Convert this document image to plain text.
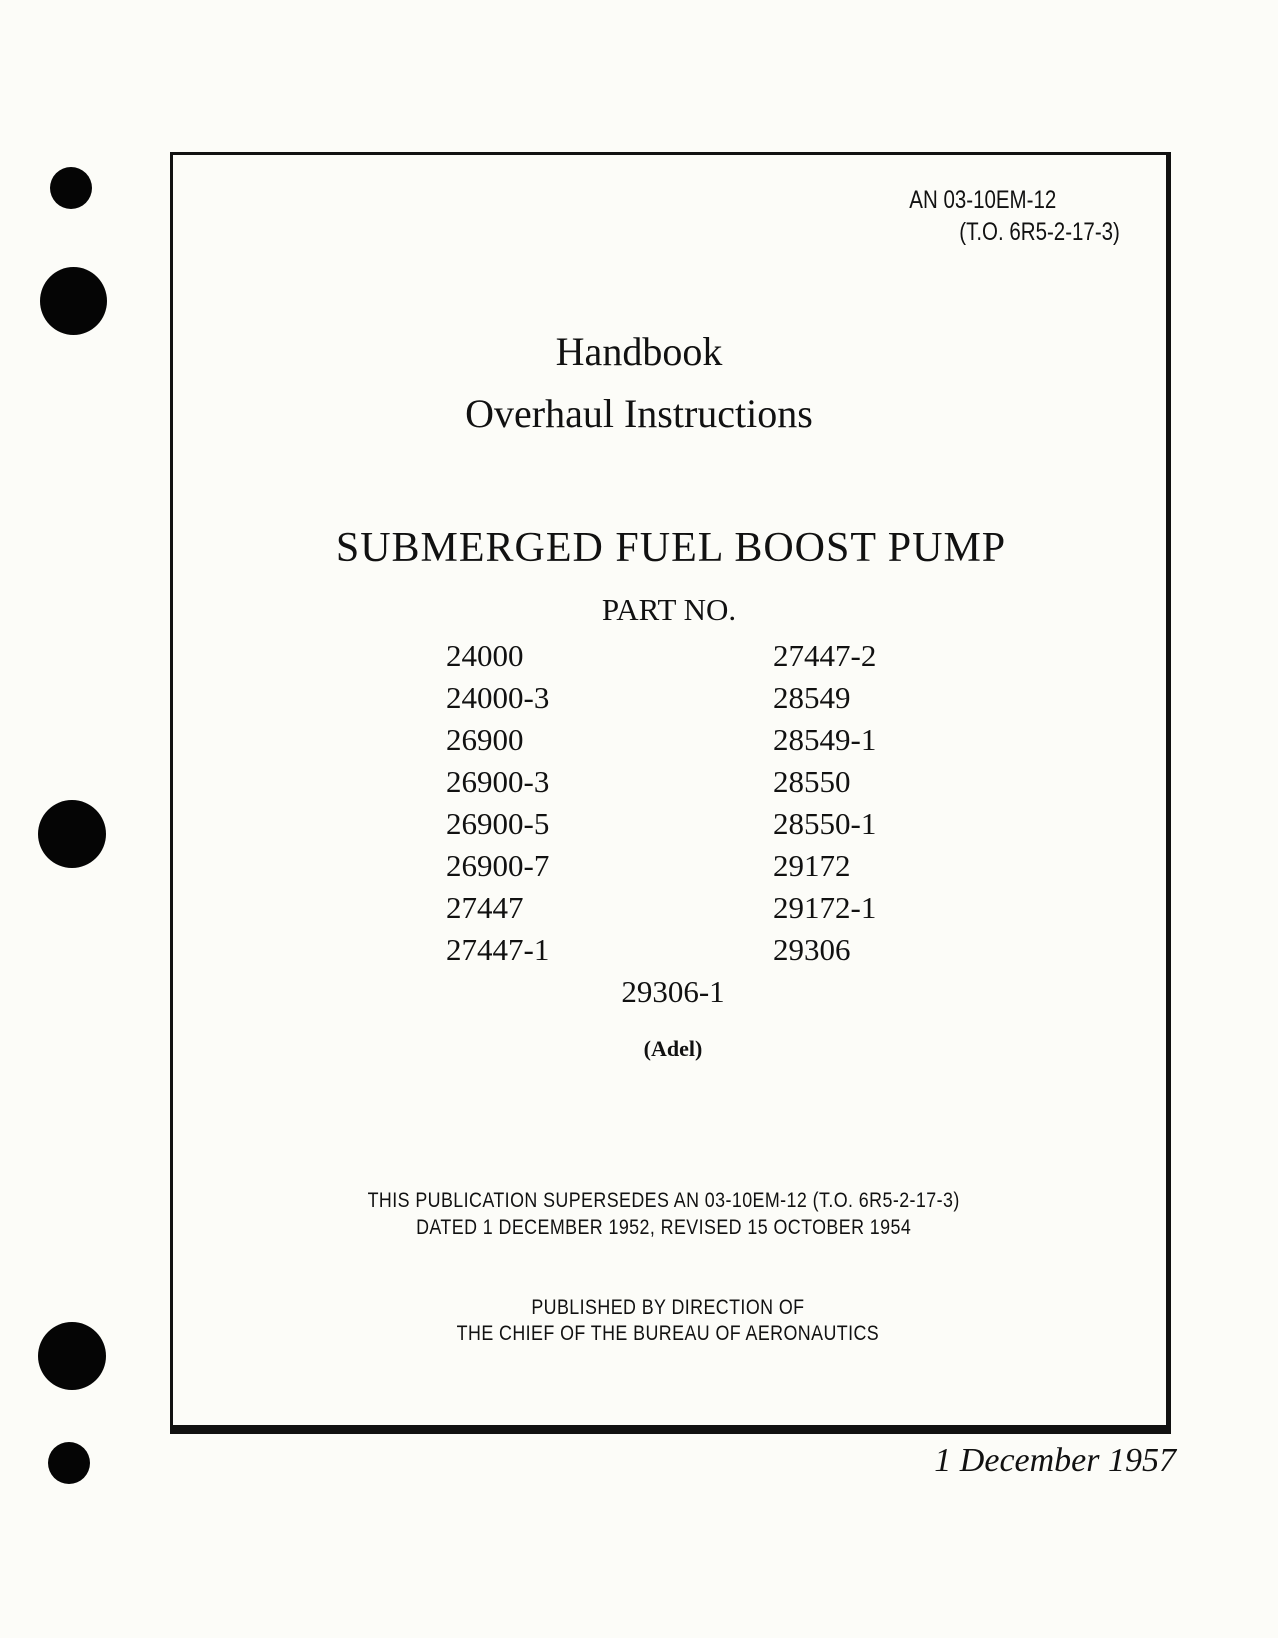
AN 03-10EM-12
(T.O. 6R5-2-17-3)
Handbook
Overhaul Instructions
SUBMERGED FUEL BOOST PUMP
PART NO.
24000
24000-3
26900
26900-3
26900-5
26900-7
27447
27447-1
27447-2
28549
28549-1
28550
28550-1
29172
29172-1
29306
29306-1
(Adel)
THIS PUBLICATION SUPERSEDES AN 03-10EM-12 (T.O. 6R5-2-17-3)
DATED 1 DECEMBER 1952, REVISED 15 OCTOBER 1954
PUBLISHED BY DIRECTION OF
THE CHIEF OF THE BUREAU OF AERONAUTICS
1 December 1957
